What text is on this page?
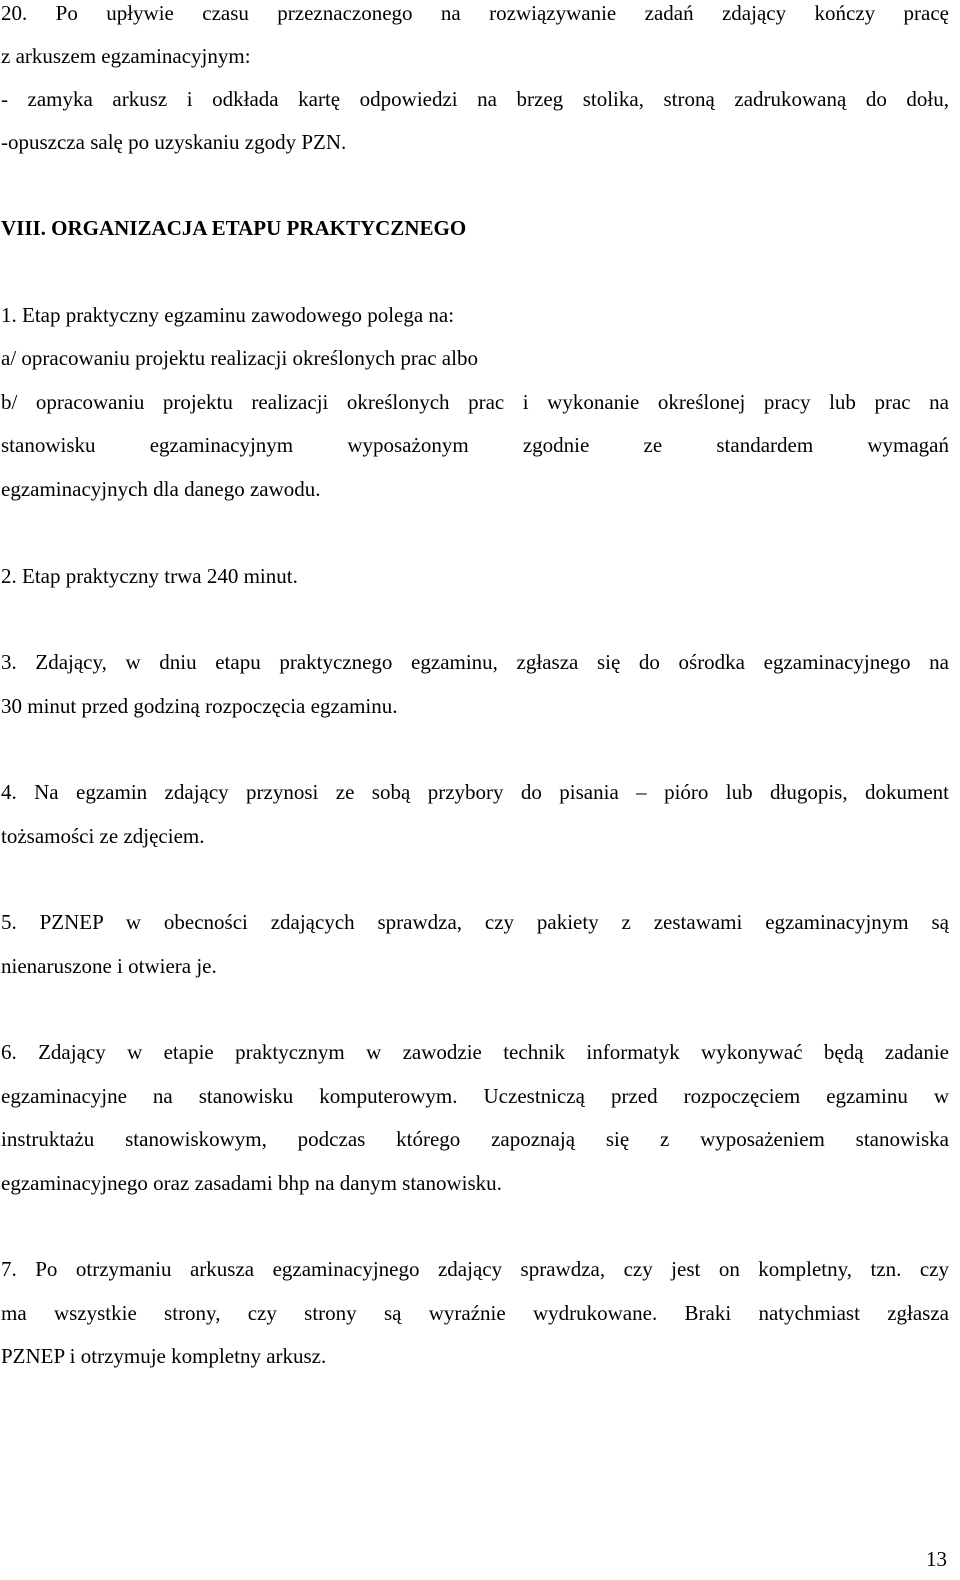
20. Po upływie czasu przeznaczonego na rozwiązywanie zadań zdający kończy pracę
z arkuszem egzaminacyjnym:
- zamyka arkusz i odkłada kartę odpowiedzi na brzeg stolika, stroną zadrukowaną do dołu,
-opuszcza salę po uzyskaniu zgody PZN.
VIII. ORGANIZACJA ETAPU PRAKTYCZNEGO
1. Etap praktyczny egzaminu zawodowego polega na:
a/ opracowaniu projektu realizacji określonych prac albo
b/ opracowaniu projektu realizacji określonych prac i wykonanie określonej pracy lub prac na
stanowisku egzaminacyjnym wyposażonym zgodnie ze standardem wymagań
egzaminacyjnych dla danego zawodu.
2. Etap praktyczny trwa 240 minut.
3. Zdający, w dniu etapu praktycznego egzaminu, zgłasza się do ośrodka egzaminacyjnego na
30 minut przed godziną rozpoczęcia egzaminu.
4. Na egzamin zdający przynosi ze sobą przybory do pisania – pióro lub długopis, dokument
tożsamości ze zdjęciem.
5. PZNEP w obecności zdających sprawdza, czy pakiety z zestawami egzaminacyjnym są
nienaruszone i otwiera je.
6. Zdający w etapie praktycznym w zawodzie technik informatyk wykonywać będą zadanie
egzaminacyjne na stanowisku komputerowym. Uczestniczą przed rozpoczęciem egzaminu w
instruktażu stanowiskowym, podczas którego zapoznają się z wyposażeniem stanowiska
egzaminacyjnego oraz zasadami bhp na danym stanowisku.
7. Po otrzymaniu arkusza egzaminacyjnego zdający sprawdza, czy jest on kompletny, tzn. czy
ma wszystkie strony, czy strony są wyraźnie wydrukowane. Braki natychmiast zgłasza
PZNEP i otrzymuje kompletny arkusz.
13
